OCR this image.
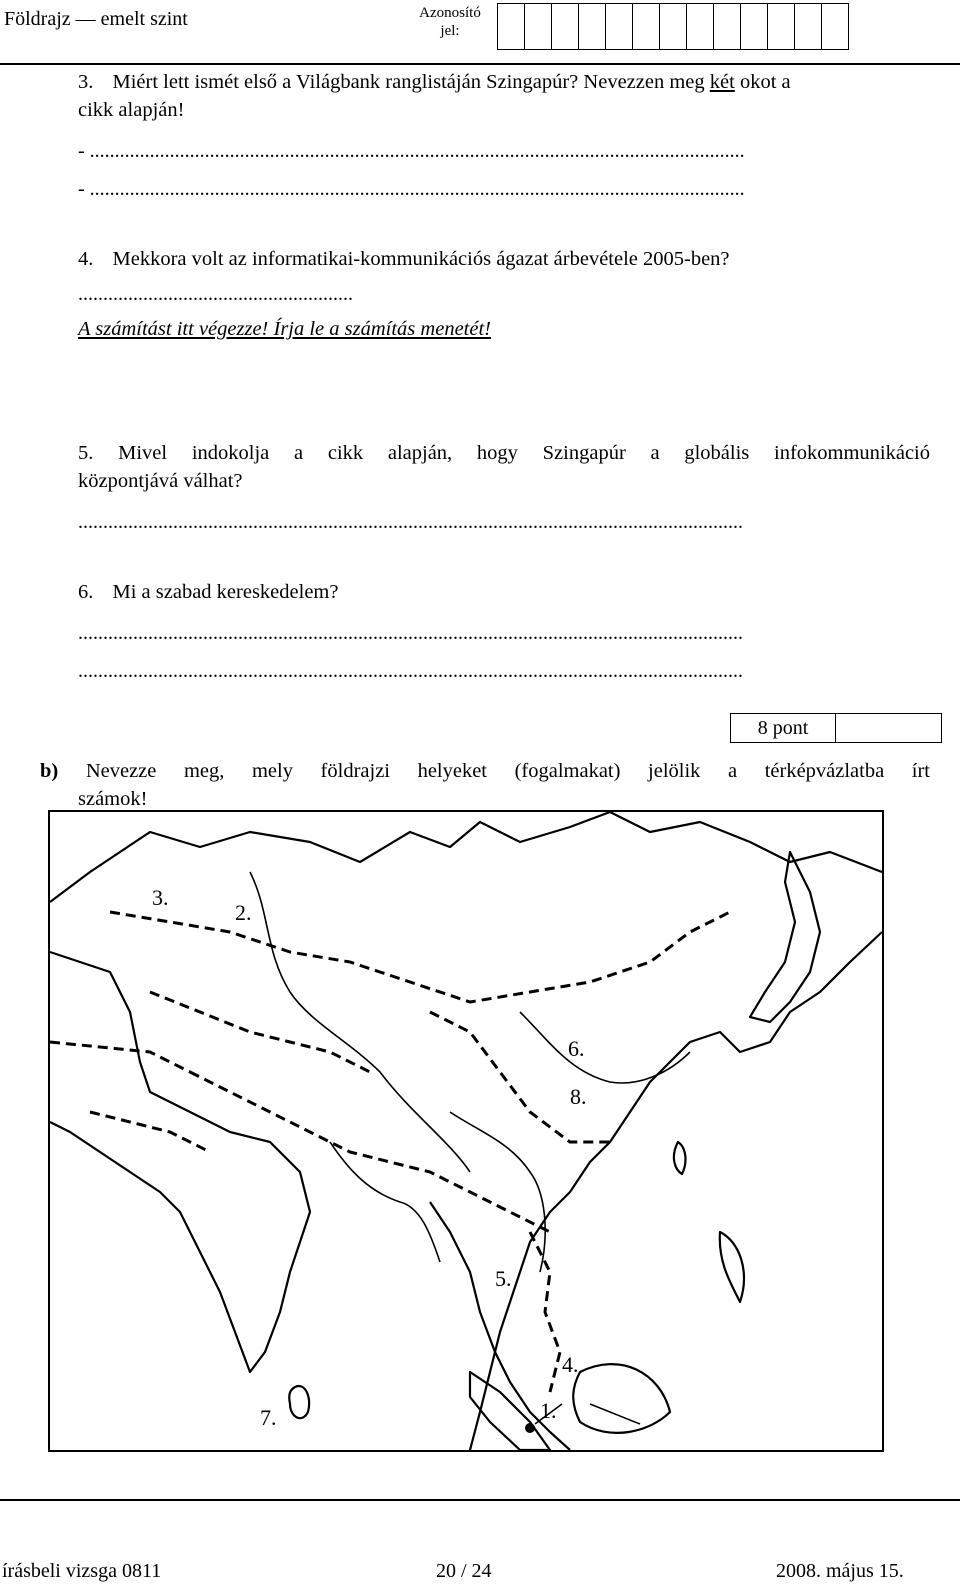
Földrajz — emelt szint	Azonosító
jel:
3. Miért lett ismét első a Világbank ranglistáján Szingapúr? Nevezzen meg két okot a
cikk alapján!
- ...................................................................................................................................
- ...................................................................................................................................
4. Mekkora volt az informatikai-kommunikációs ágazat árbevétele 2005-ben?
.......................................................
A számítást itt végezze! Írja le a számítás menetét!
5. Mivel indokolja a cikk alapján, hogy Szingapúr a globális infokommunikáció
központjává válhat?
.....................................................................................................................................
6. Mi a szabad kereskedelem?
.....................................................................................................................................
.....................................................................................................................................
8 pont
b) Nevezze meg, mely földrajzi helyeket (fogalmakat) jelölik a térképvázlatba írt
számok!
1.
2.
3.
4.
5.
6.
7.
8.
írásbeli vizsga 0811	20 / 24	2008. május 15.
